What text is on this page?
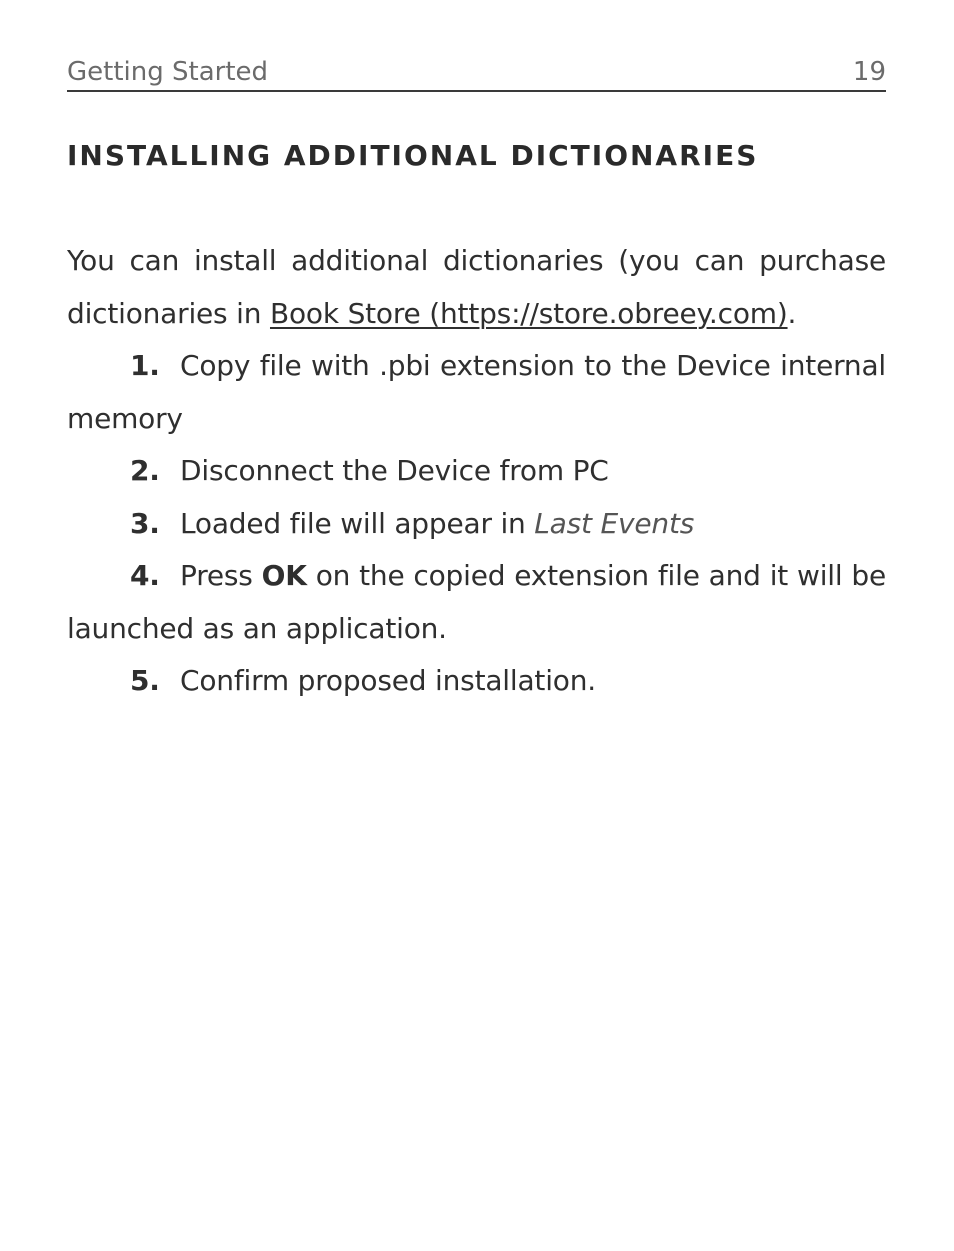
Getting Started	19
INSTALLING ADDITIONAL DICTIONARIES

You can install additional dictionaries (you can purchase dictionaries in Book Store (https://store.obreey.com).

1. Copy file with .pbi extension to the Device internal memory

2. Disconnect the Device from PC

3. Loaded file will appear in Last Events

4. Press OK on the copied extension file and it will be launched as an application.

5. Confirm proposed installation.
